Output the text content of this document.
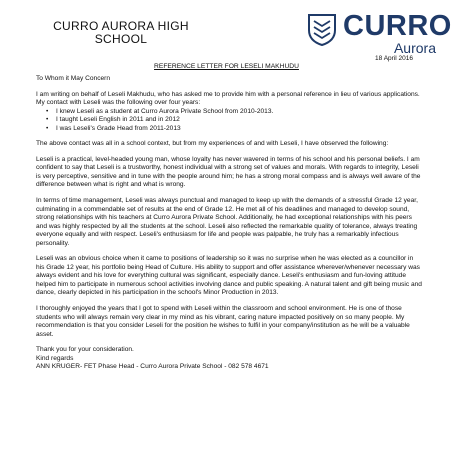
CURRO AURORA HIGH SCHOOL	CURRO
Aurora
18 April 2016
REFERENCE LETTER FOR LESELI MAKHUDU

To Whom it May Concern

I am writing on behalf of Leseli Makhudu, who has asked me to provide him with a personal reference in lieu of various applications.

My contact with Leseli was the following over four years:

• I knew Leseli as a student at Curro Aurora Private School from 2010-2013.
• I taught Leseli English in 2011 and in 2012
• I was Leseli's Grade Head from 2011-2013

The above contact was all in a school context, but from my experiences of and with Leseli, I have observed the following:

Leseli is a practical, level-headed young man, whose loyalty has never wavered in terms of his school and his personal beliefs. I am confident to say that Leseli is a trustworthy, honest individual with a strong set of values and morals. With regards to integrity, Leseli is very perceptive, sensitive and in tune with the people around him; he has a strong moral compass and is always well aware of the difference between what is right and what is wrong.

In terms of time management, Leseli was always punctual and managed to keep up with the demands of a stressful Grade 12 year, culminating in a commendable set of results at the end of Grade 12. He met all of his deadlines and managed to develop sound, strong relationships with his teachers at Curro Aurora Private School. Additionally, he had exceptional relationships with his peers and was highly respected by all the students at the school. Leseli also reflected the remarkable quality of tolerance, always treating everyone equally and with respect. Leseli's enthusiasm for life and people was palpable, he truly has a remarkably infectious personality.

Leseli was an obvious choice when it came to positions of leadership so it was no surprise when he was elected as a councillor in his Grade 12 year, his portfolio being Head of Culture. His ability to support and offer assistance wherever/whenever necessary was always evident and his love for everything cultural was significant, especially dance. Leseli's enthusiasm and fun-loving attitude helped him to participate in numerous school activities involving dance and public speaking. A natural talent and gift being music and dance, clearly depicted in his participation in the school's Minor Production in 2013.

I thoroughly enjoyed the years that I got to spend with Leseli within the classroom and school environment. He is one of those students who will always remain very clear in my mind as his vibrant, caring nature impacted positively on so many people. My recommendation is that you consider Leseli for the position he wishes to fulfil in your company/institution as he will be a valuable asset.

Thank you for your consideration.

Kind regards

ANN KRUGER- FET Phase Head - Curro Aurora Private School - 082 578 4671
